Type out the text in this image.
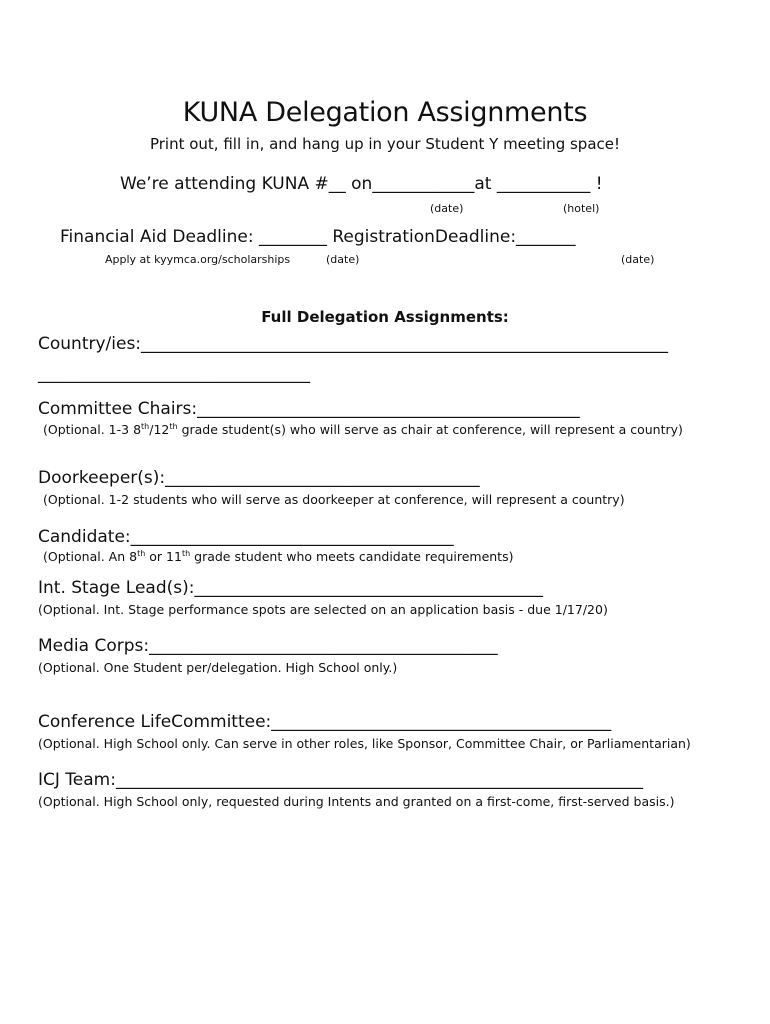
KUNA Delegation Assignments
Print out, fill in, and hang up in your Student Y meeting space!
We’re attending KUNA #__ on____________at ___________ !
(date)	(hotel)
Financial Aid Deadline: ________ RegistrationDeadline:_______
Apply at kyymca.org/scholarships	(date)	(date)
Full Delegation Assignments:
Country/ies:______________________________________________________________
________________________________
Committee Chairs:_____________________________________________
(Optional. 1-3 8th/12th grade student(s) who will serve as chair at conference, will represent a country)
Doorkeeper(s):_____________________________________
(Optional. 1-2 students who will serve as doorkeeper at conference, will represent a country)
Candidate:______________________________________
(Optional. An 8th or 11th grade student who meets candidate requirements)
Int. Stage Lead(s):_________________________________________
(Optional. Int. Stage performance spots are selected on an application basis - due 1/17/20)
Media Corps:_________________________________________
(Optional. One Student per/delegation. High School only.)
Conference LifeCommittee:________________________________________
(Optional. High School only. Can serve in other roles, like Sponsor, Committee Chair, or Parliamentarian)
ICJ Team:______________________________________________________________
(Optional. High School only, requested during Intents and granted on a first-come, first-served basis.)
